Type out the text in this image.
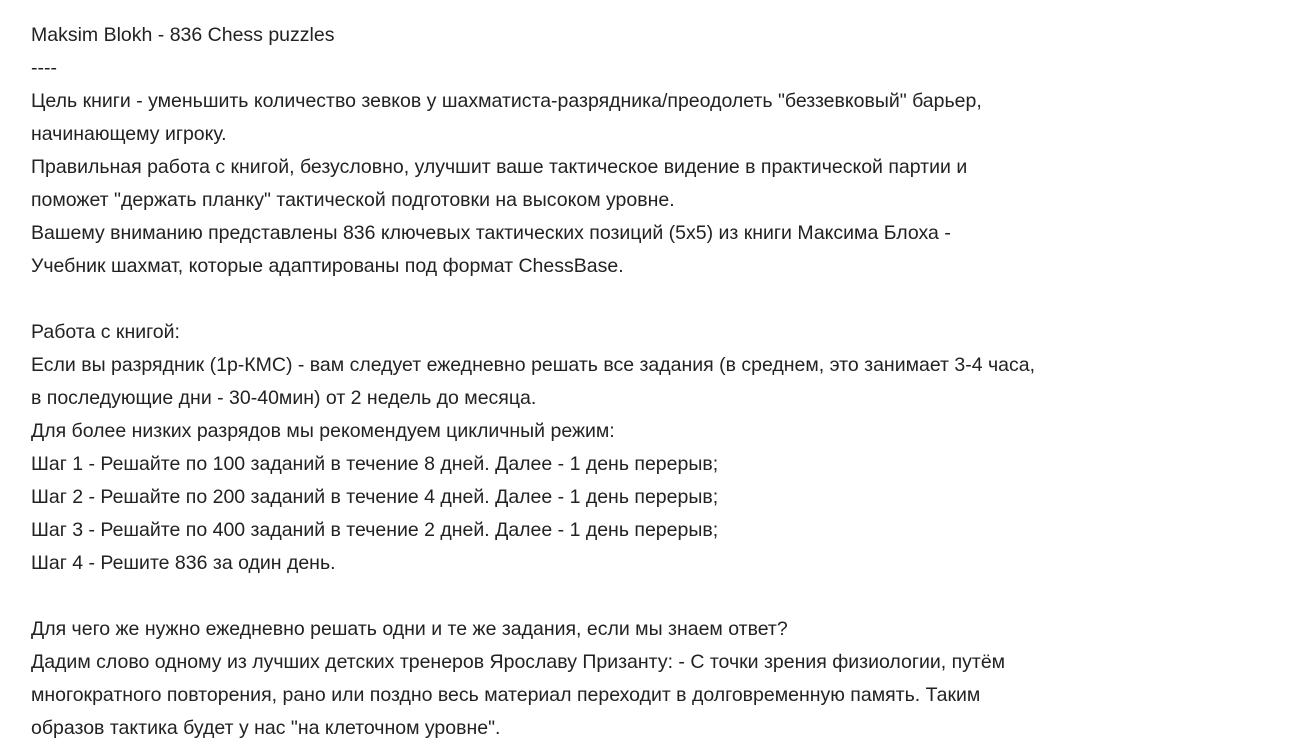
Maksim Blokh - 836 Chess puzzles
----
Цель книги - уменьшить количество зевков у шахматиста-разрядника/преодолеть "беззевковый" барьер,
начинающему игроку.
Правильная работа с книгой, безусловно, улучшит ваше тактическое видение в практической партии и
поможет "держать планку" тактической подготовки на высоком уровне.
Вашему вниманию представлены 836 ключевых тактических позиций (5x5) из книги Максима Блоха -
Учебник шахмат, которые адаптированы под формат ChessBase.
Работа с книгой:
Если вы разрядник (1р-КМС) - вам следует ежедневно решать все задания (в среднем, это занимает 3-4 часа,
в последующие дни - 30-40мин) от 2 недель до месяца.
Для более низких разрядов мы рекомендуем цикличный режим:
Шаг 1 - Решайте по 100 заданий в течение 8 дней. Далее - 1 день перерыв;
Шаг 2 - Решайте по 200 заданий в течение 4 дней. Далее - 1 день перерыв;
Шаг 3 - Решайте по 400 заданий в течение 2 дней. Далее - 1 день перерыв;
Шаг 4 - Решите 836 за один день.
Для чего же нужно ежедневно решать одни и те же задания, если мы знаем ответ?
Дадим слово одному из лучших детских тренеров Ярославу Призанту: - С точки зрения физиологии, путём
многократного повторения, рано или поздно весь материал переходит в долговременную память. Таким
образов тактика будет у нас "на клеточном уровне".
